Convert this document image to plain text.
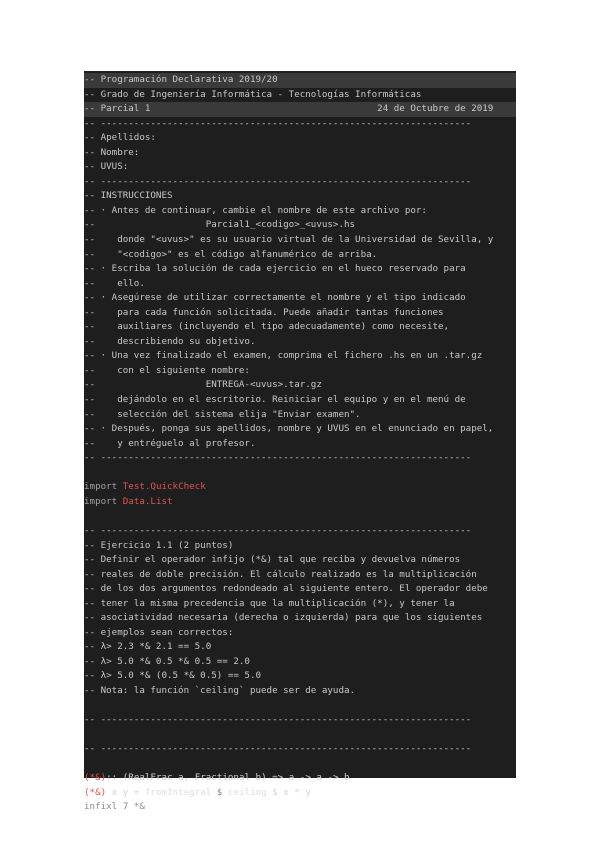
-- Programación Declarativa 2019/20
-- Grado de Ingeniería Informática - Tecnologías Informáticas
-- Parcial 1                                         24 de Octubre de 2019
-- -------------------------------------------------------------------
-- Apellidos:
-- Nombre:
-- UVUS:
-- -------------------------------------------------------------------
-- INSTRUCCIONES
-- · Antes de continuar, cambie el nombre de este archivo por:
--                    Parcial1_<codigo>_<uvus>.hs
--    donde "<uvus>" es su usuario virtual de la Universidad de Sevilla, y
--    "<codigo>" es el código alfanumérico de arriba.
-- · Escriba la solución de cada ejercicio en el hueco reservado para
--    ello.
-- · Asegúrese de utilizar correctamente el nombre y el tipo indicado
--    para cada función solicitada. Puede añadir tantas funciones
--    auxiliares (incluyendo el tipo adecuadamente) como necesite,
--    describiendo su objetivo.
-- · Una vez finalizado el examen, comprima el fichero .hs en un .tar.gz
--    con el siguiente nombre:
--                    ENTREGA-<uvus>.tar.gz
--    dejándolo en el escritorio. Reiniciar el equipo y en el menú de
--    selección del sistema elija "Enviar examen".
-- · Después, ponga sus apellidos, nombre y UVUS en el enunciado en papel,
--    y entréguelo al profesor.
-- -------------------------------------------------------------------
import Test.QuickCheck
import Data.List
-- -------------------------------------------------------------------
-- Ejercicio 1.1 (2 puntos)
-- Definir el operador infijo (*&) tal que reciba y devuelva números
-- reales de doble precisión. El cálculo realizado es la multiplicación
-- de los dos argumentos redondeado al siguiente entero. El operador debe
-- tener la misma precedencia que la multiplicación (*), y tener la
-- asociatividad necesaria (derecha o izquierda) para que los siguientes
-- ejemplos sean correctos:
-- λ> 2.3 *& 2.1 == 5.0
-- λ> 5.0 *& 0.5 *& 0.5 == 2.0
-- λ> 5.0 *& (0.5 *& 0.5) == 5.0
-- Nota: la función `ceiling` puede ser de ayuda.
-- -------------------------------------------------------------------
-- -------------------------------------------------------------------
(*&):: (RealFrac a, Fractional b) => a -> a -> b
(*&) x y = fromIntegral $ ceiling $ x * y
infixl 7 *&
